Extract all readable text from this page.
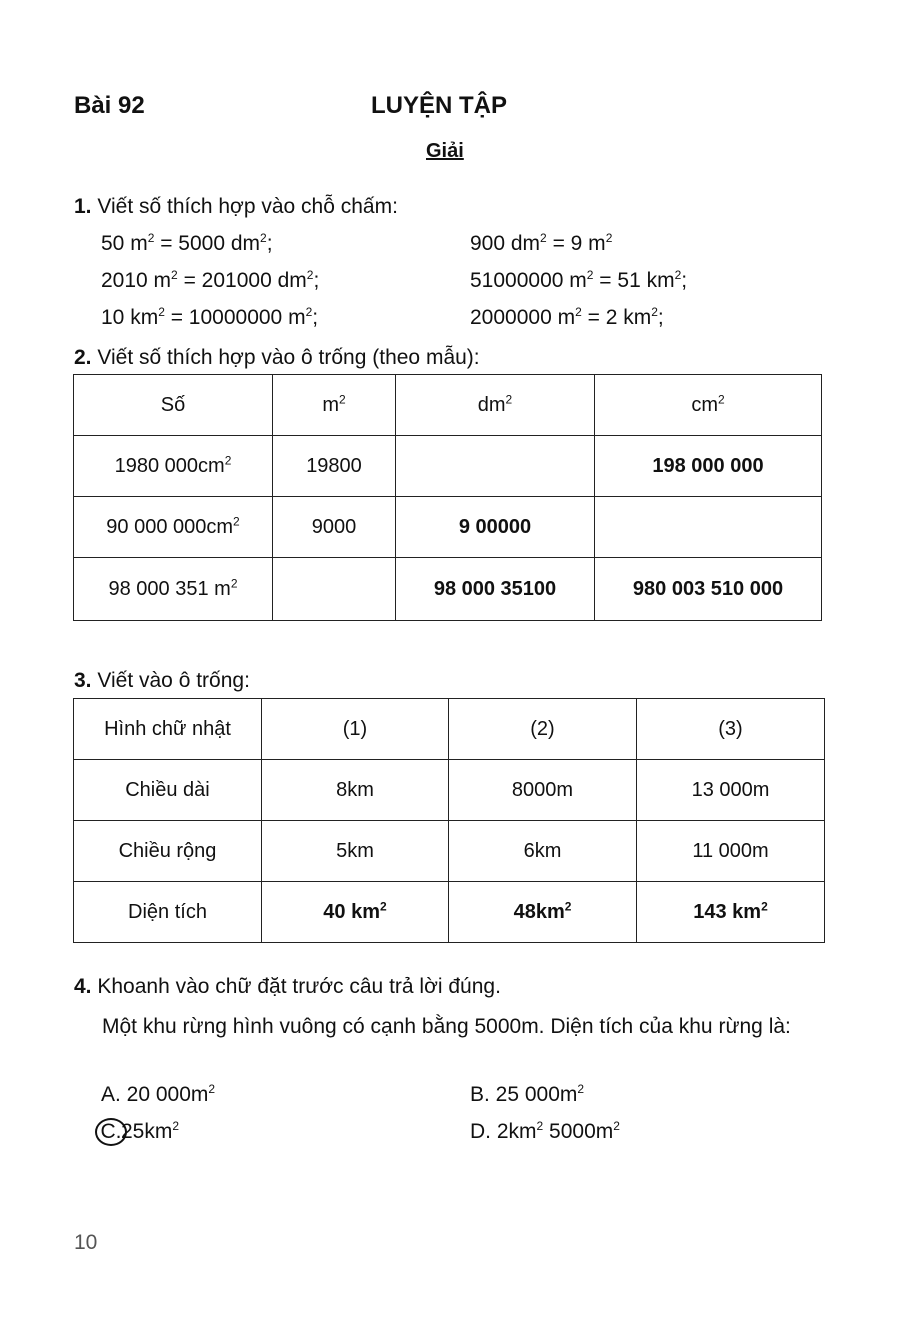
Bài 92	LUYỆN TẬP
Giải
1. Viết số thích hợp vào chỗ chấm:
50 $m^2 = 5000$ $dm^2$;	900 $dm^2 = 9$ $m^2$
2010 $m^2 = 201000$ $dm^2$;	51000000 $m^2 = 51$ $km^2$;
10 $km^2 = 10000000$ $m^2$;	2000000 $m^2 = 2$ $km^2$;
2. Viết số thích hợp vào ô trống (theo mẫu):
Số	$m^2$	$dm^2$	$cm^2$
1980 $000cm^2$	19800		198 000 000
90 000 $000cm^2$	9000	9 00000	
98 000 351 $m^2$		98 000 35100	980 003 510 000
3. Viết vào ô trống:
Hình chữ nhật	(1)	(2)	(3)
Chiều dài	8km	8000m	13 000m
Chiều rộng	5km	6km	11 000m
Diện tích	40 $km^2$	$48km^2$	143 $km^2$
4. Khoanh vào chữ đặt trước câu trả lời đúng.
Một khu rừng hình vuông có cạnh bằng 5000m. Diện tích của khu rừng là:
A. 20 $000m^2$	B. 25 $000m^2$
$C.25km^2$	D. $2km^2$ $5000m^2$
10
